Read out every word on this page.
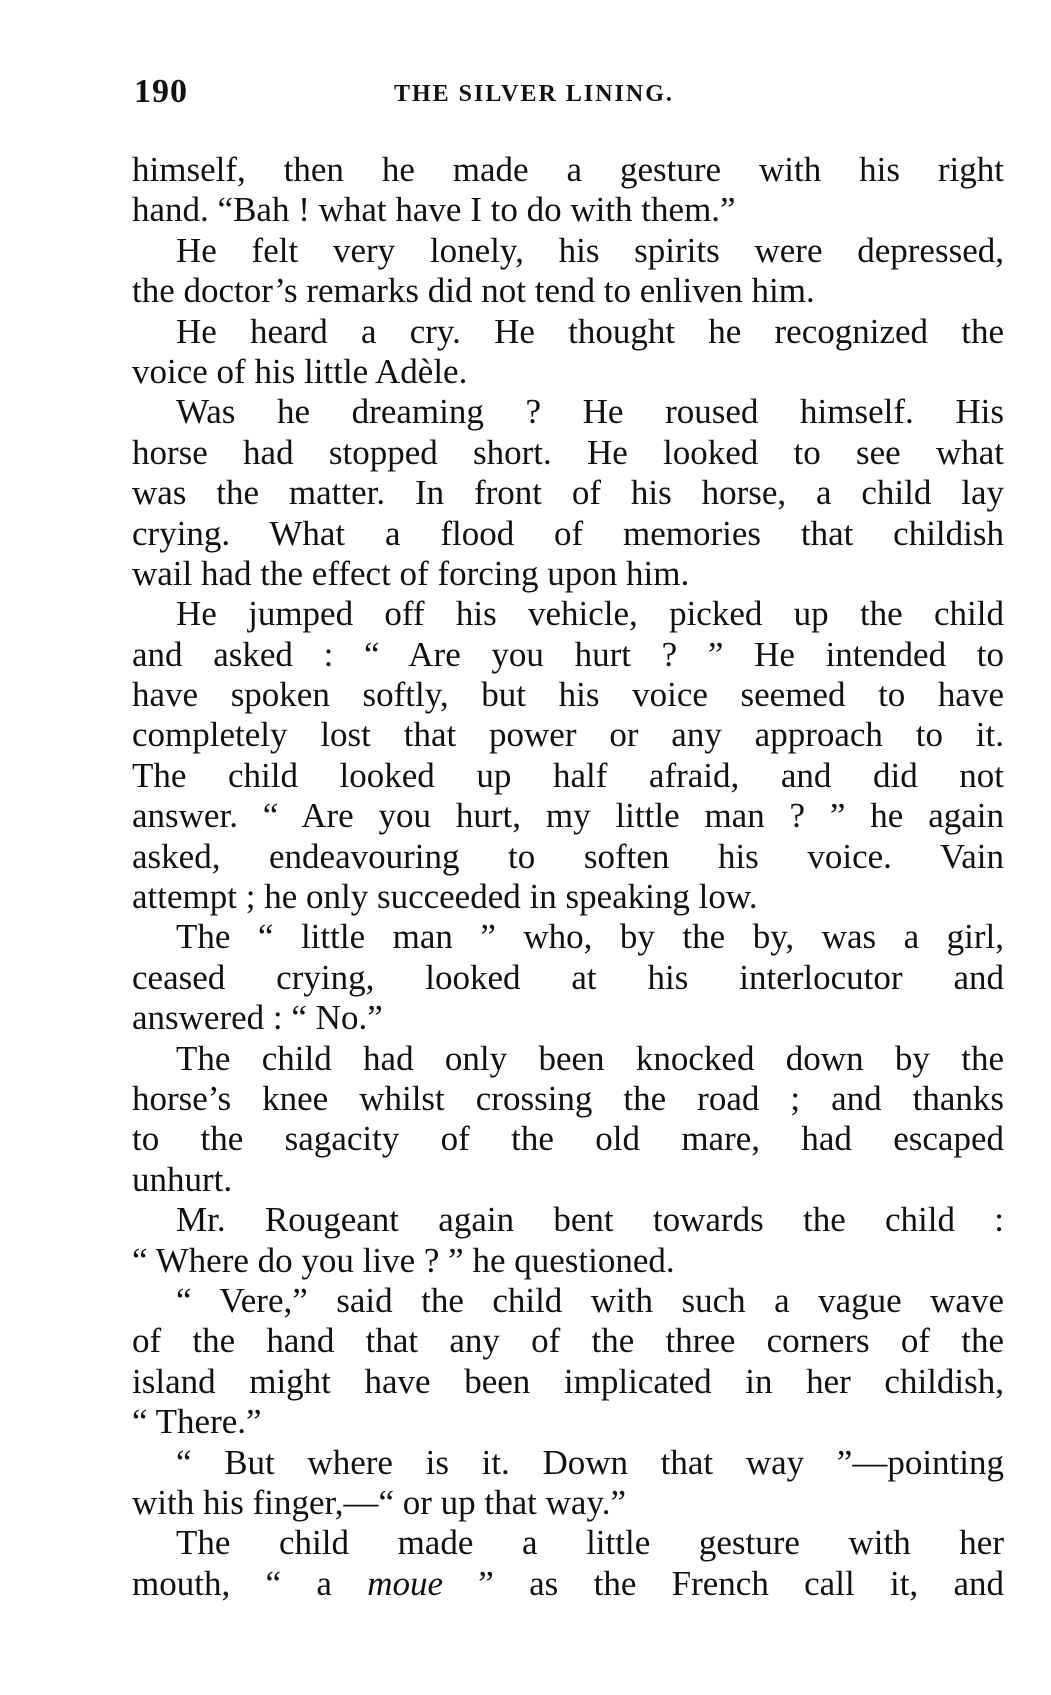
190	THE SILVER LINING.
himself, then he made a gesture with his right
hand. “Bah ! what have I to do with them.”
He felt very lonely, his spirits were depressed,
the doctor’s remarks did not tend to enliven him.
He heard a cry. He thought he recognized the
voice of his little Adèle.
Was he dreaming ? He roused himself. His
horse had stopped short. He looked to see what
was the matter. In front of his horse, a child lay
crying. What a flood of memories that childish
wail had the effect of forcing upon him.
He jumped off his vehicle, picked up the child
and asked : “ Are you hurt ? ” He intended to
have spoken softly, but his voice seemed to have
completely lost that power or any approach to it.
The child looked up half afraid, and did not
answer. “ Are you hurt, my little man ? ” he again
asked, endeavouring to soften his voice. Vain
attempt ; he only succeeded in speaking low.
The “ little man ” who, by the by, was a girl,
ceased crying, looked at his interlocutor and
answered : “ No.”
The child had only been knocked down by the
horse’s knee whilst crossing the road ; and thanks
to the sagacity of the old mare, had escaped
unhurt.
Mr. Rougeant again bent towards the child :
“ Where do you live ? ” he questioned.
“ Vere,” said the child with such a vague wave
of the hand that any of the three corners of the
island might have been implicated in her childish,
“ There.”
“ But where is it. Down that way ”—pointing
with his finger,—“ or up that way.”
The child made a little gesture with her
mouth, “ a moue ” as the French call it, and
